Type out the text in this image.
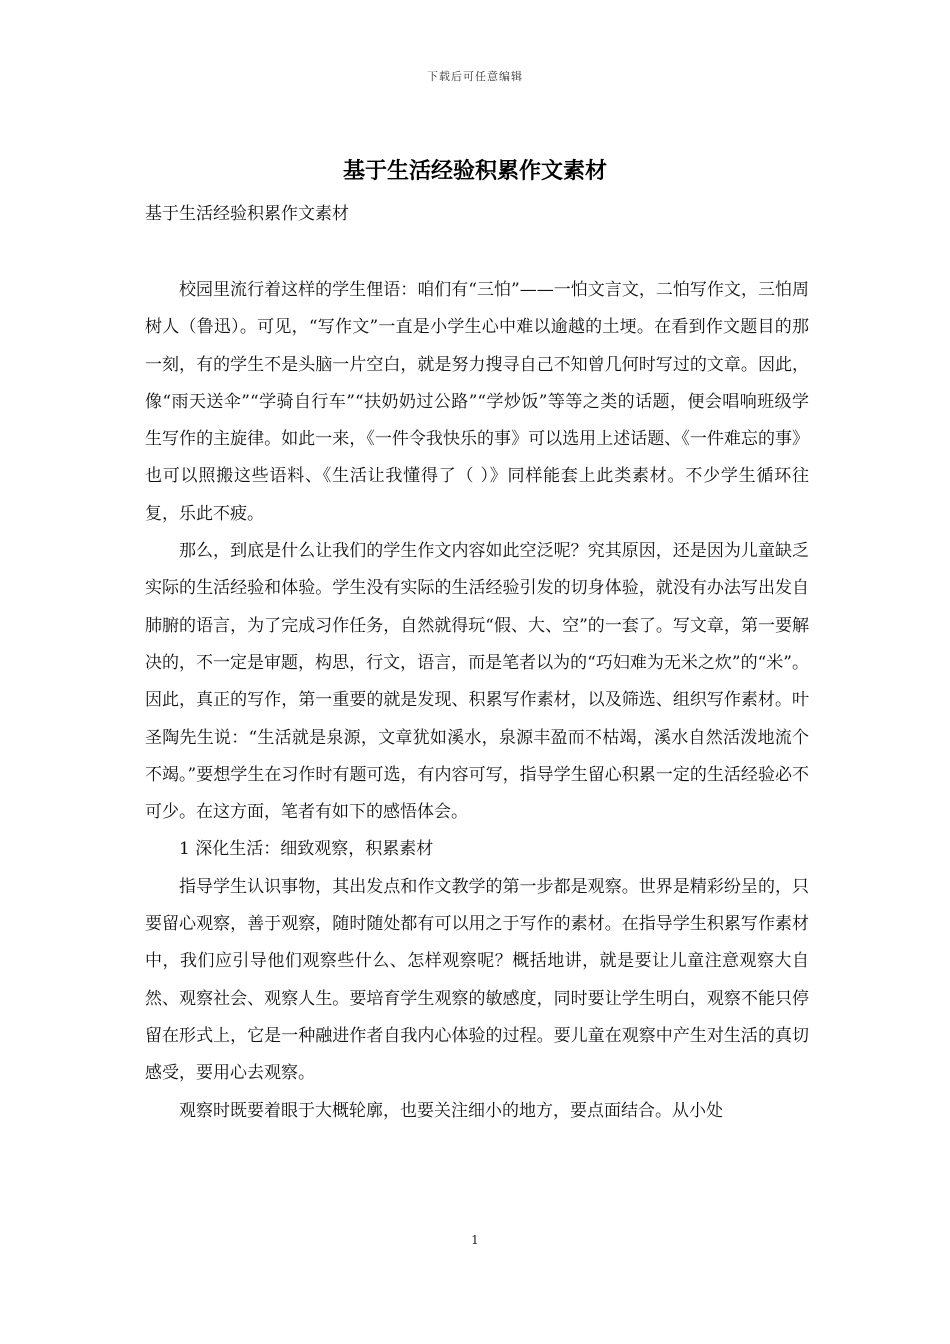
下载后可任意编辑
基于生活经验积累作文素材

基于生活经验积累作文素材

校园里流行着这样的学生俚语：咱们有“三怕”——一怕文言文，二怕写作文，三怕周树人（鲁迅）。可见，“写作文”一直是小学生心中难以逾越的土埂。在看到作文题目的那一刻，有的学生不是头脑一片空白，就是努力搜寻自己不知曾几何时写过的文章。因此，像“雨天送伞”“学骑自行车”“扶奶奶过公路”“学炒饭”等等之类的话题，便会唱响班级学生写作的主旋律。如此一来，《一件令我快乐的事》可以选用上述话题、《一件难忘的事》也可以照搬这些语料、《生活让我懂得了（ ）》同样能套上此类素材。不少学生循环往复，乐此不疲。

那么，到底是什么让我们的学生作文内容如此空泛呢？究其原因，还是因为儿童缺乏实际的生活经验和体验。学生没有实际的生活经验引发的切身体验，就没有办法写出发自肺腑的语言，为了完成习作任务，自然就得玩“假、大、空”的一套了。写文章，第一要解决的，不一定是审题，构思，行文，语言，而是笔者以为的“巧妇难为无米之炊”的“米”。因此，真正的写作，第一重要的就是发现、积累写作素材，以及筛选、组织写作素材。叶圣陶先生说：“生活就是泉源，文章犹如溪水，泉源丰盈而不枯竭，溪水自然活泼地流个不竭。”要想学生在习作时有题可选，有内容可写，指导学生留心积累一定的生活经验必不可少。在这方面，笔者有如下的感悟体会。

1 深化生活：细致观察，积累素材

指导学生认识事物，其出发点和作文教学的第一步都是观察。世界是精彩纷呈的，只要留心观察，善于观察，随时随处都有可以用之于写作的素材。在指导学生积累写作素材中，我们应引导他们观察些什么、怎样观察呢？概括地讲，就是要让儿童注意观察大自然、观察社会、观察人生。要培育学生观察的敏感度，同时要让学生明白，观察不能只停留在形式上，它是一种融进作者自我内心体验的过程。要儿童在观察中产生对生活的真切感受，要用心去观察。

观察时既要着眼于大概轮廓，也要关注细小的地方，要点面结合。从小处

1
